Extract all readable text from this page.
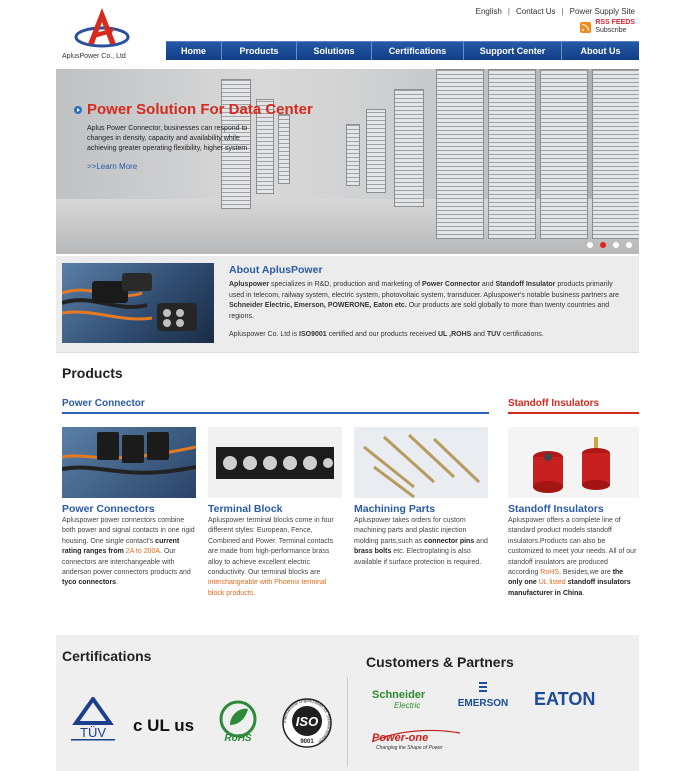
AplusPower Co., Ltd
English | Contact Us | Power Supply Site
RSS FEEDS
Subscribe
Home	Products	Solutions	Certifications	Support Center	About Us
Power Solution For Data Center
Aplus Power Connector, businesses can respond to changes in density, capacity and availability while achieving greater operating flexibility, higher system
>>Learn More
About AplusPower

Apluspower specializes in R&D, production and marketing of Power Connector and Standoff Insulator products primarily used in telecom, railway system, electric system, photovoltaic system, transducer. Apluspower's notable business partners are Schneider Electric, Emerson, POWERONE, Eaton etc. Our products are sold globally to more than twenty countries and regions.

Apluspower Co. Ltd is ISO9001 certified and our products received UL ,ROHS and TUV certifications.

Products
Power Connector	Standoff Insulators
Power Connectors	Terminal Block	Machining Parts	Standoff Insulators

Apluspower power connectors combine both power and signal contacts in one rigid housing. One single contact's current rating ranges from 2A to 200A. Our connectors are interchangeable with anderson power connectors products and tyco connectors.

Apluspower terminal blocks come in four different styles: European, Fence, Combined and Power. Terminal contacts are made from high-performance brass alloy to achieve excellent electric conductivity. Our terminal blocks are interchangeable with Phoenix terminal block products.

Apluspower takes orders for custom machining parts and plastic injection molding parts,such as connector pins and brass bolts etc. Electroplating is also available if surface protection is required.

Apluspower offers a complete line of standard product models standoff insulators.Products can also be customized to meet your needs. All of our standoff insulators are produced according RoHS. Besides,we are the only one UL listed standoff insulators manufacturer in China.

Certifications	Customers & Partners
TÜV c UL us
RoHS
International Organization for Standardization
ISO
9001
Schneider
Electric	EMERSON EATON
Power-one
Changing the Shape of Power
